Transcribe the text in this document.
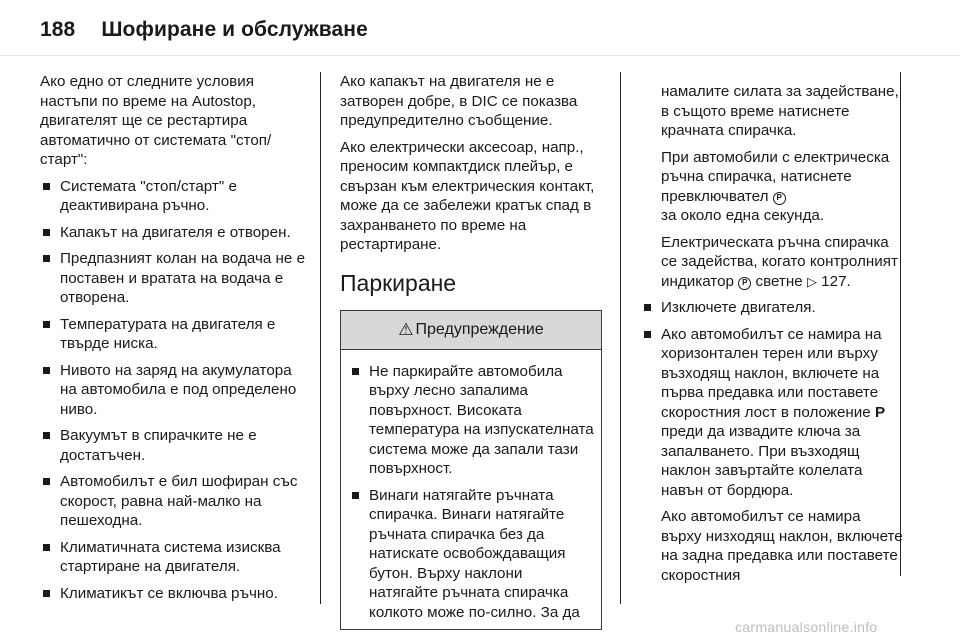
188 Шофиране и обслужване

Ако едно от следните условия настъпи по време на Autostop, двигателят ще се рестартира автоматично от системата "стоп/старт":

Системата "стоп/старт" е деактивирана ръчно.
Капакът на двигателя е отворен.
Предпазният колан на водача не е поставен и вратата на водача е отворена.
Температурата на двигателя е твърде ниска.
Нивото на заряд на акумулатора на автомобила е под определено ниво.
Вакуумът в спирачките не е достатъчен.
Автомобилът е бил шофиран със скорост, равна най-малко на пешеходна.
Климатичната система изисква стартиране на двигателя.
Климатикът се включва ръчно.

Ако капакът на двигателя не е затворен добре, в DIC се показва предупредително съобщение.

Ако електрически аксесоар, напр., преносим компактдиск плейър, е свързан към електрическия контакт, може да се забележи кратък спад в захранването по време на рестартиране.

Паркиране
⚠ Предупреждение
Не паркирайте автомобила върху лесно запалима повърхност. Високата температура на изпускателната система може да запали тази повърхност.
Винаги натягайте ръчната спирачка. Винаги натягайте ръчната спирачка без да натискате освобождаващия бутон. Върху наклони натягайте ръчната спирачка колкото може по-силно. За да

намалите силата за задействане, в същото време натиснете крачната спирачка.

При автомобили с електрическа ръчна спирачка, натиснете превключвател P
за около една секунда.

Електрическата ръчна спирачка се задейства, когато контролният индикатор P светне ▷ 127.

Изключете двигателя.
Ако автомобилът се намира на хоризонтален терен или върху възходящ наклон, включете на първа предавка или поставете скоростния лост в положение P преди да извадите ключа за запалването. При възходящ наклон завъртайте колелата навън от бордюра.

Ако автомобилът се намира върху низходящ наклон, включете на задна предавка или поставете скоростния

carmanualsonline.info
